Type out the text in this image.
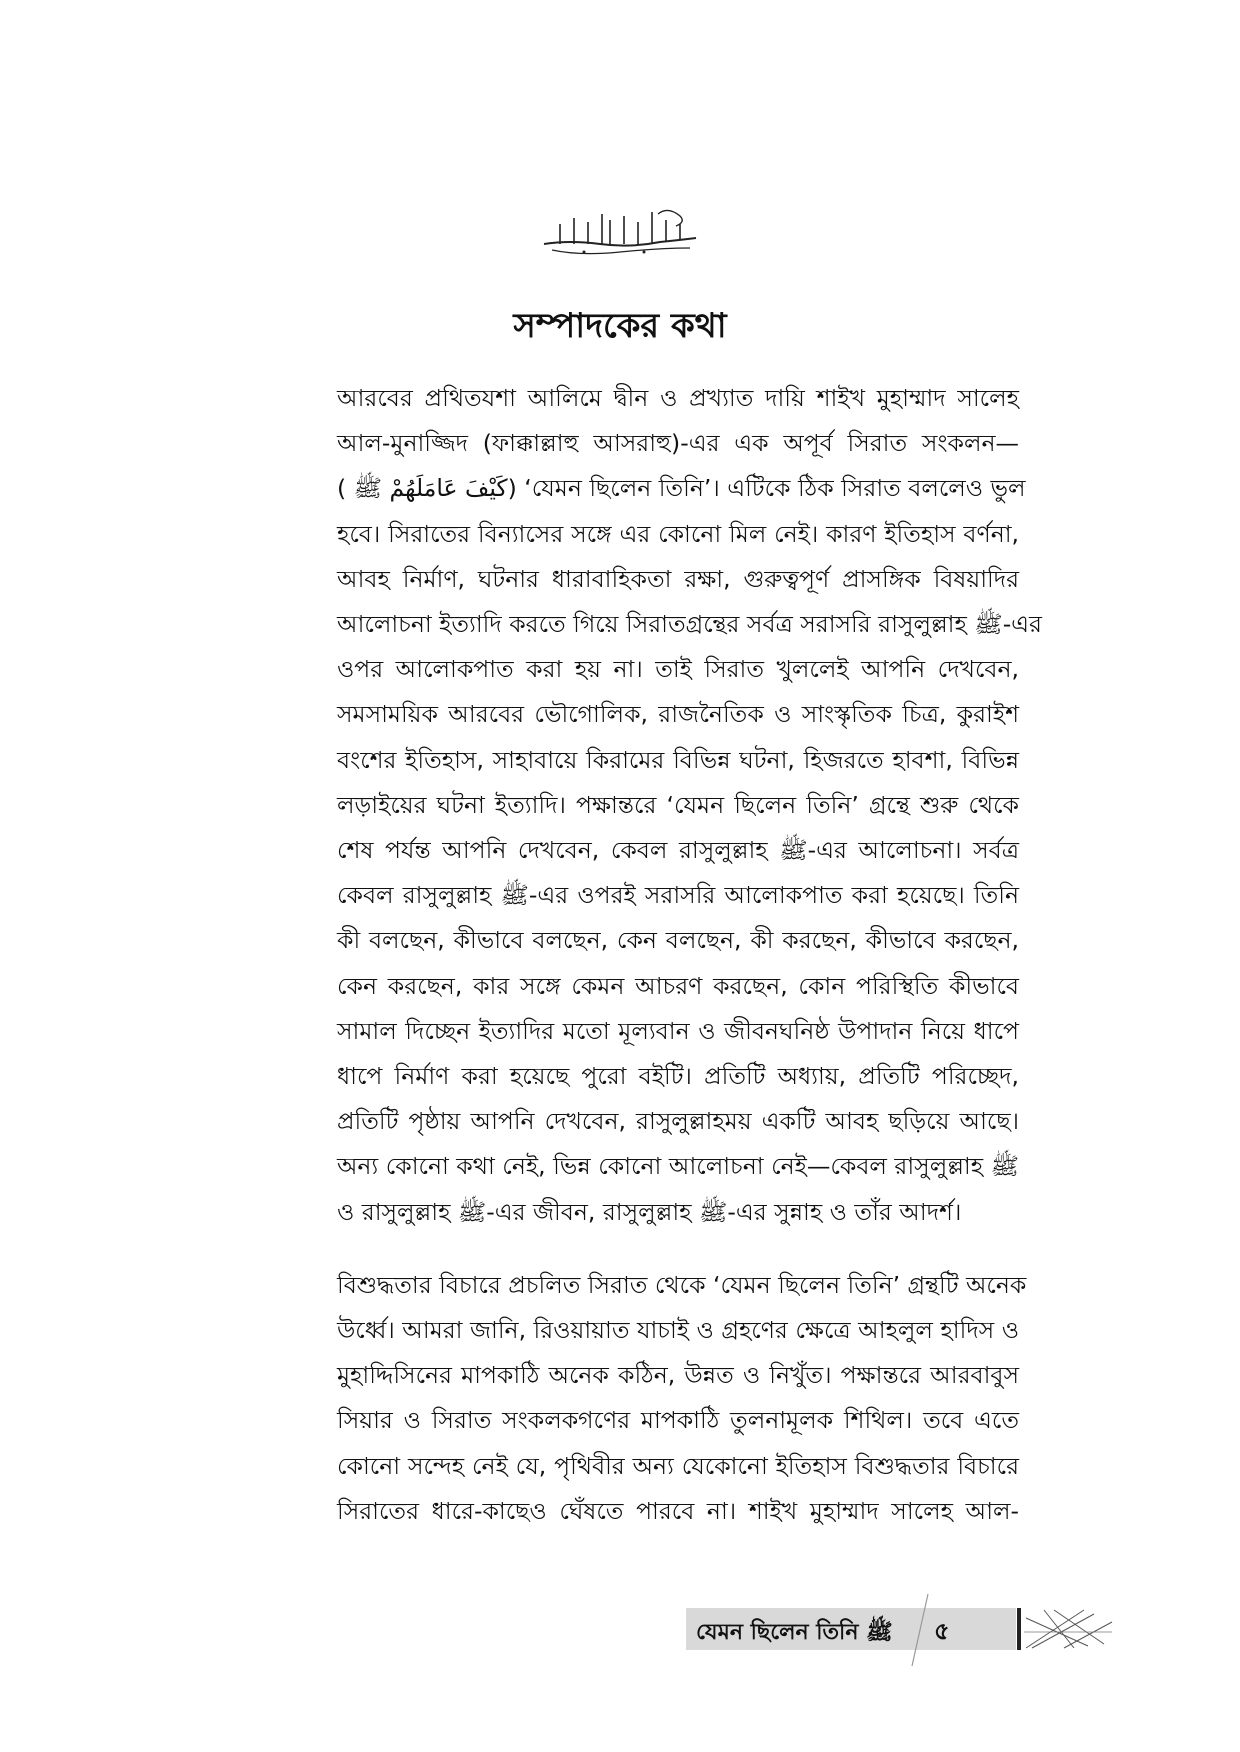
সম্পাদকের কথা
আরবের প্রথিতযশা আলিমে দ্বীন ও প্রখ্যাত দায়ি শাইখ মুহাম্মাদ সালেহ
আল-মুনাজ্জিদ (ফাক্কাল্লাহু আসরাহু)-এর এক অপূর্ব সিরাত সংকলন—
( كَيْفَ عَامَلَهُمْ ﷺ) ‘যেমন ছিলেন তিনি’। এটিকে ঠিক সিরাত বললেও ভুল
হবে। সিরাতের বিন্যাসের সঙ্গে এর কোনো মিল নেই। কারণ ইতিহাস বর্ণনা,
আবহ নির্মাণ, ঘটনার ধারাবাহিকতা রক্ষা, গুরুত্বপূর্ণ প্রাসঙ্গিক বিষয়াদির
আলোচনা ইত্যাদি করতে গিয়ে সিরাতগ্রন্থের সর্বত্র সরাসরি রাসুলুল্লাহ ﷺ-এর
ওপর আলোকপাত করা হয় না। তাই সিরাত খুললেই আপনি দেখবেন,
সমসাময়িক আরবের ভৌগোলিক, রাজনৈতিক ও সাংস্কৃতিক চিত্র, কুরাইশ
বংশের ইতিহাস, সাহাবায়ে কিরামের বিভিন্ন ঘটনা, হিজরতে হাবশা, বিভিন্ন
লড়াইয়ের ঘটনা ইত্যাদি। পক্ষান্তরে ‘যেমন ছিলেন তিনি’ গ্রন্থে শুরু থেকে
শেষ পর্যন্ত আপনি দেখবেন, কেবল রাসুলুল্লাহ ﷺ-এর আলোচনা। সর্বত্র
কেবল রাসুলুল্লাহ ﷺ-এর ওপরই সরাসরি আলোকপাত করা হয়েছে। তিনি
কী বলছেন, কীভাবে বলছেন, কেন বলছেন, কী করছেন, কীভাবে করছেন,
কেন করছেন, কার সঙ্গে কেমন আচরণ করছেন, কোন পরিস্থিতি কীভাবে
সামাল দিচ্ছেন ইত্যাদির মতো মূল্যবান ও জীবনঘনিষ্ঠ উপাদান নিয়ে ধাপে
ধাপে নির্মাণ করা হয়েছে পুরো বইটি। প্রতিটি অধ্যায়, প্রতিটি পরিচ্ছেদ,
প্রতিটি পৃষ্ঠায় আপনি দেখবেন, রাসুলুল্লাহময় একটি আবহ ছড়িয়ে আছে।
অন্য কোনো কথা নেই, ভিন্ন কোনো আলোচনা নেই—কেবল রাসুলুল্লাহ ﷺ
ও রাসুলুল্লাহ ﷺ-এর জীবন, রাসুলুল্লাহ ﷺ-এর সুন্নাহ ও তাঁর আদর্শ।
বিশুদ্ধতার বিচারে প্রচলিত সিরাত থেকে ‘যেমন ছিলেন তিনি’ গ্রন্থটি অনেক
উর্ধ্বে। আমরা জানি, রিওয়ায়াত যাচাই ও গ্রহণের ক্ষেত্রে আহলুল হাদিস ও
মুহাদ্দিসিনের মাপকাঠি অনেক কঠিন, উন্নত ও নিখুঁত। পক্ষান্তরে আরবাবুস
সিয়ার ও সিরাত সংকলকগণের মাপকাঠি তুলনামূলক শিথিল। তবে এতে
কোনো সন্দেহ নেই যে, পৃথিবীর অন্য যেকোনো ইতিহাস বিশুদ্ধতার বিচারে
সিরাতের ধারে-কাছেও ঘেঁষতে পারবে না। শাইখ মুহাম্মাদ সালেহ আল-
যেমন ছিলেন তিনি ﷺ ৫
